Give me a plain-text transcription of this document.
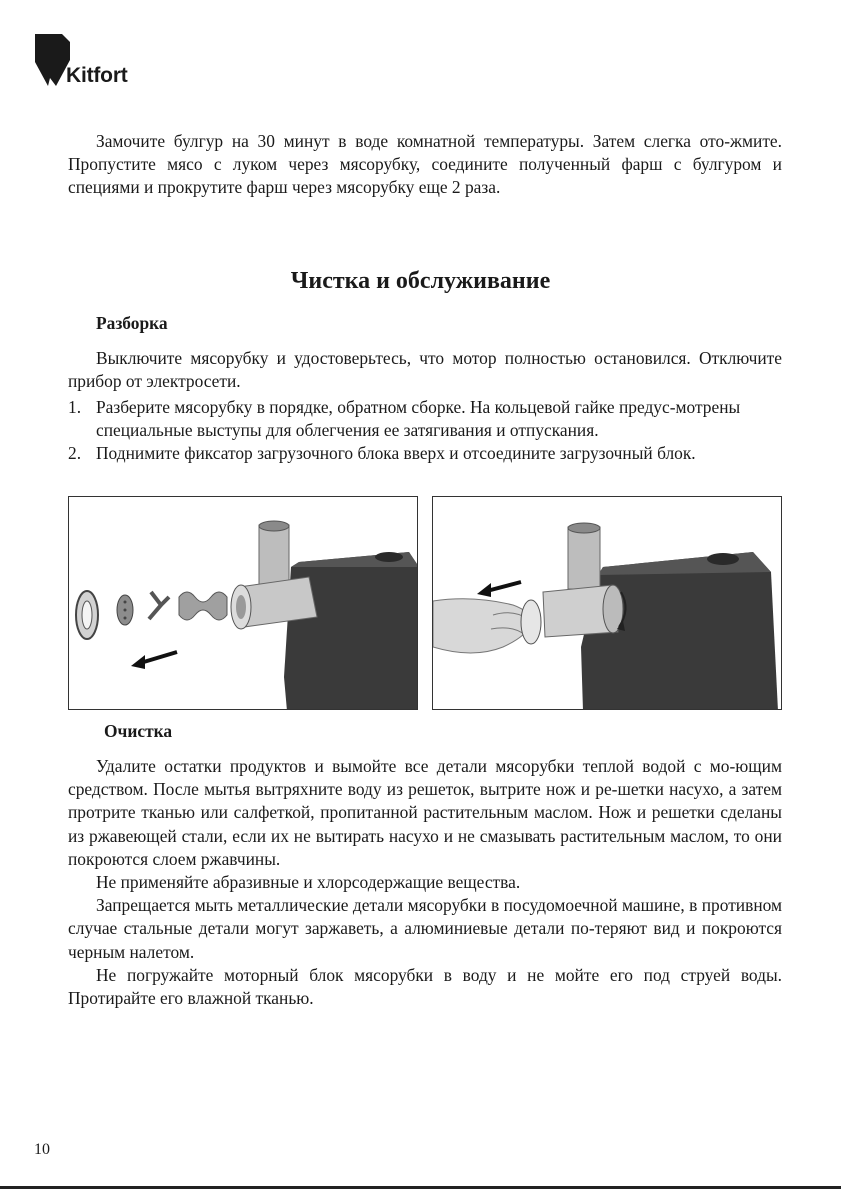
Kitfort

Замочите булгур на 30 минут в воде комнатной температуры. Затем слегка ото-жмите. Пропустите мясо с луком через мясорубку, соедините полученный фарш с булгуром и специями и прокрутите фарш через мясорубку еще 2 раза.

Чистка и обслуживание
Разборка

Выключите мясорубку и удостоверьтесь, что мотор полностью остановился. Отключите прибор от электросети.

1. Разберите мясорубку в порядке, обратном сборке. На кольцевой гайке предус-мотрены специальные выступы для облегчения ее затягивания и отпускания.
2. Поднимите фиксатор загрузочного блока вверх и отсоедините загрузочный блок.
Очистка

Удалите остатки продуктов и вымойте все детали мясорубки теплой водой с мо-ющим средством. После мытья вытряхните воду из решеток, вытрите нож и ре-шетки насухо, а затем протрите тканью или салфеткой, пропитанной растительным маслом. Нож и решетки сделаны из ржавеющей стали, если их не вытирать насухо и не смазывать растительным маслом, то они покроются слоем ржавчины.

Не применяйте абразивные и хлорсодержащие вещества.

Запрещается мыть металлические детали мясорубки в посудомоечной машине, в противном случае стальные детали могут заржаветь, а алюминиевые детали по-теряют вид и покроются черным налетом.

Не погружайте моторный блок мясорубки в воду и не мойте его под струей воды. Протирайте его влажной тканью.

10
